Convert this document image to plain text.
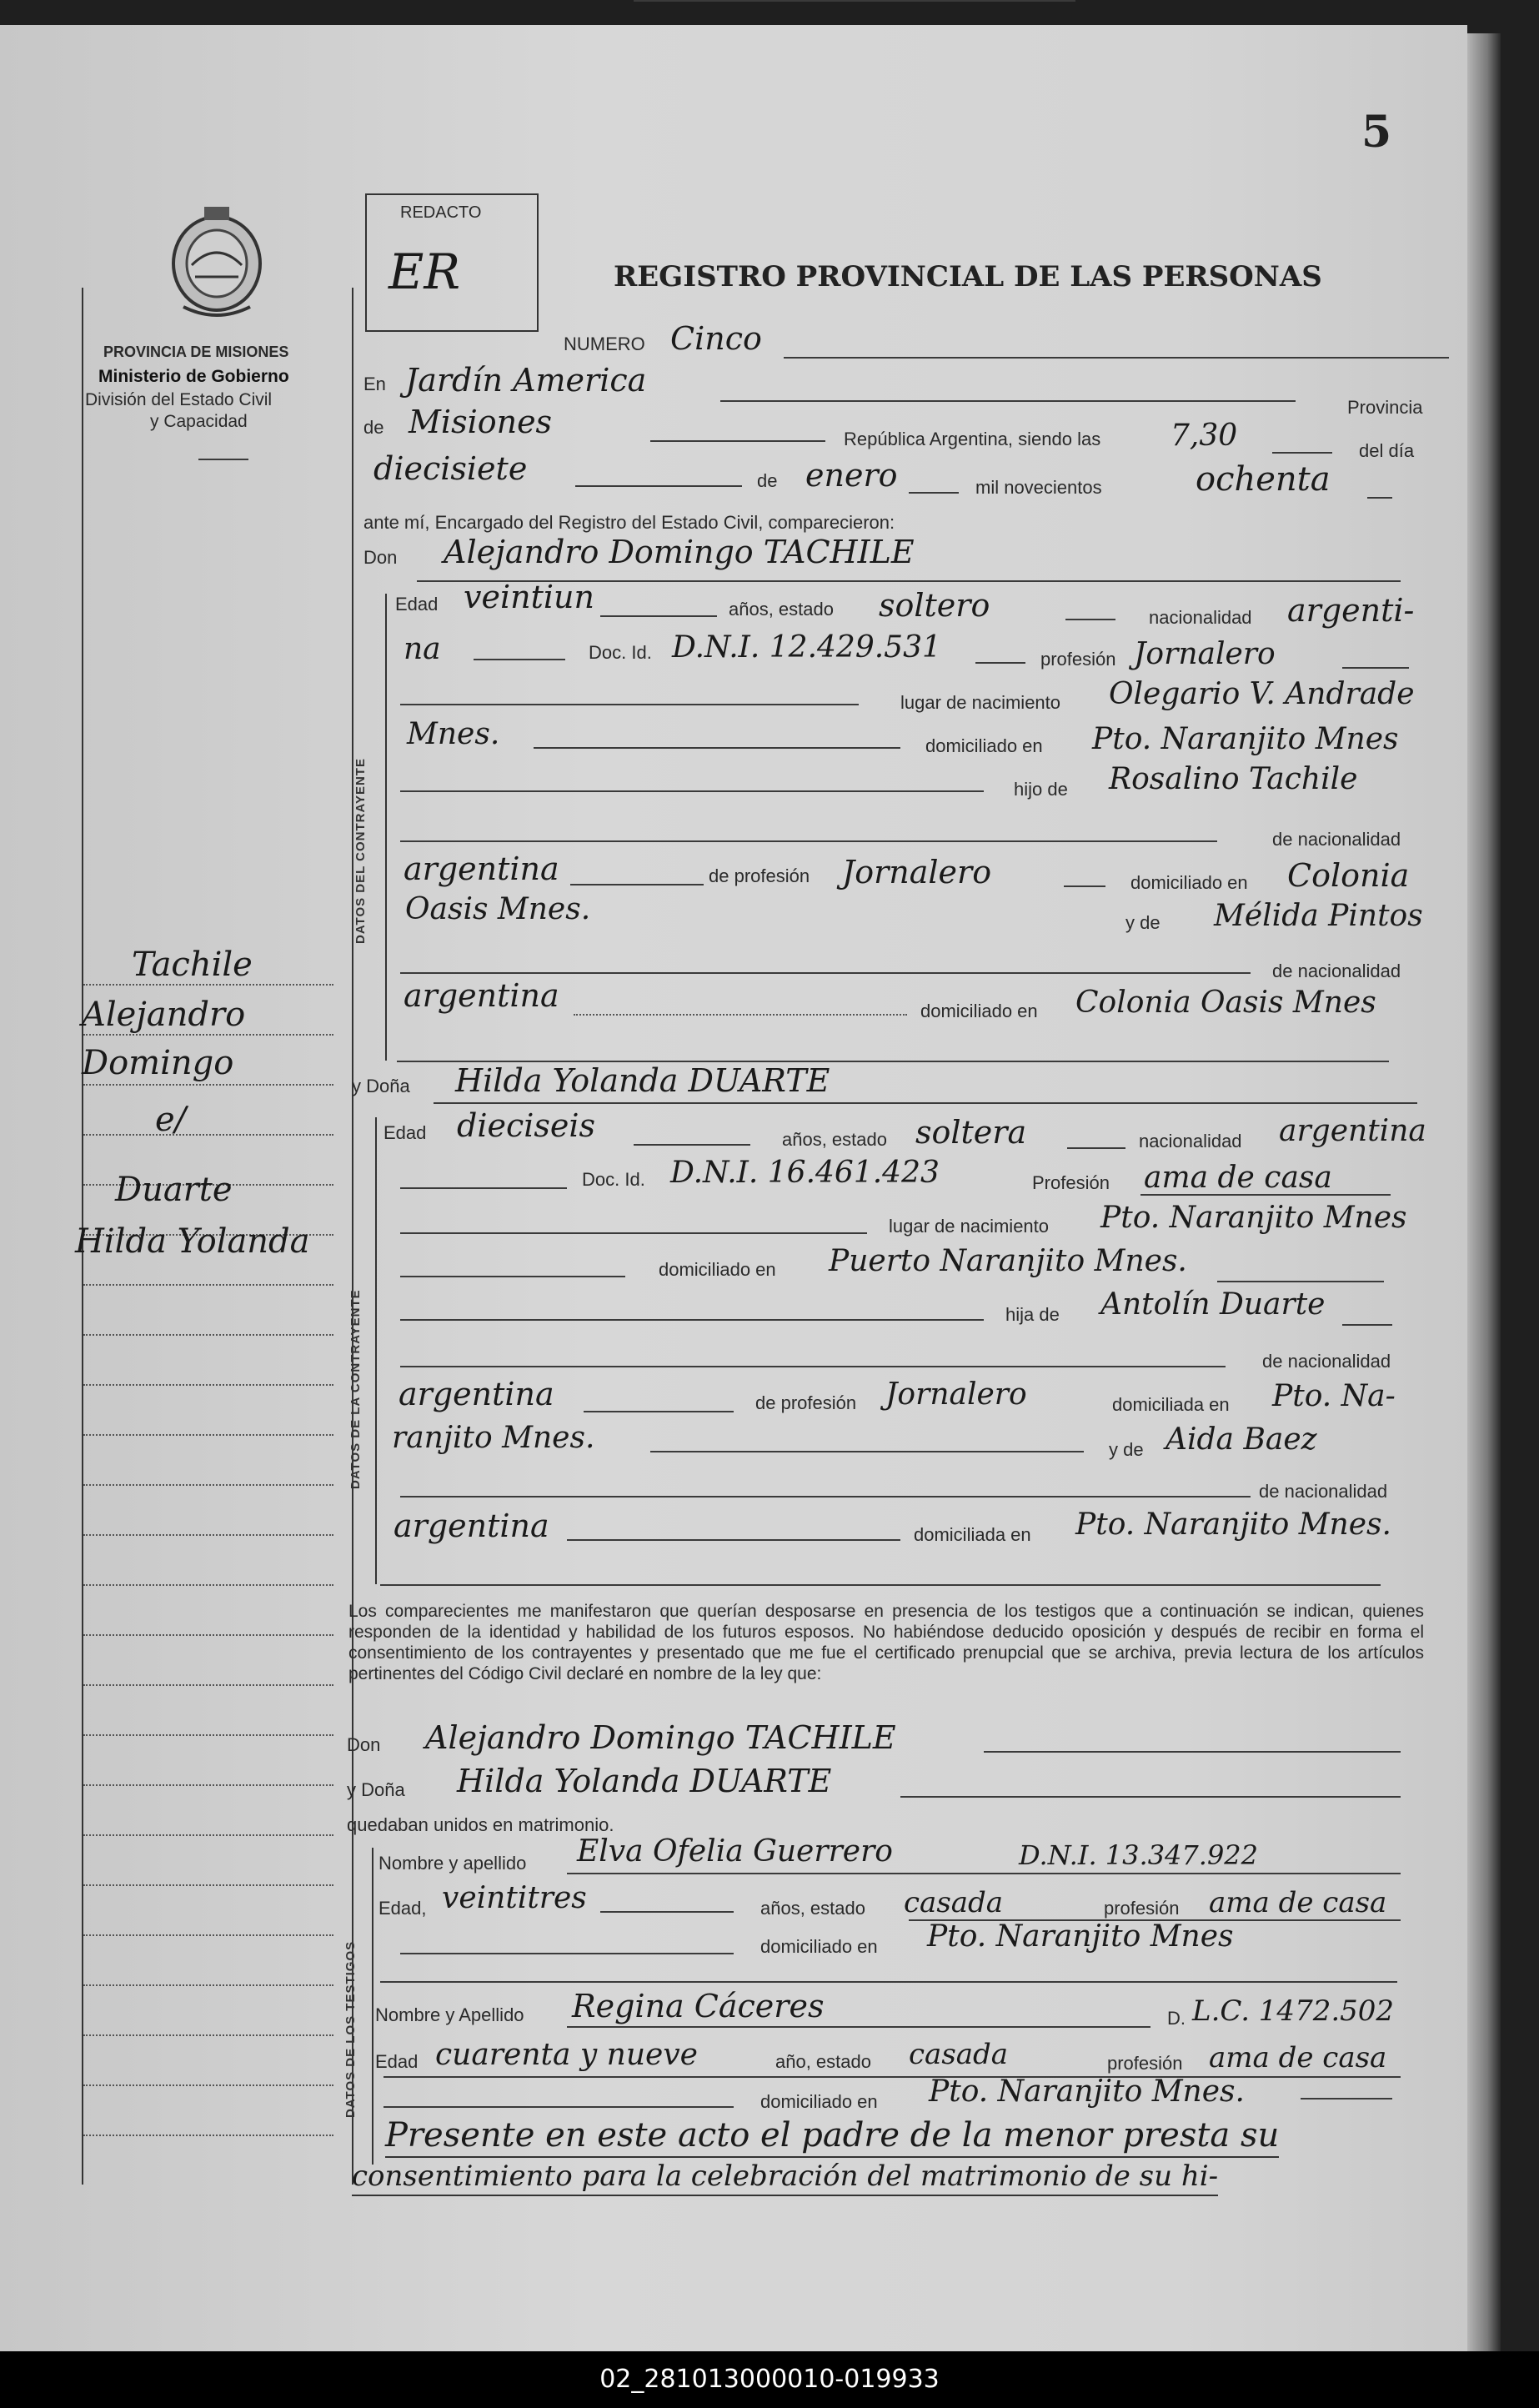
5
PROVINCIA DE MISIONES
Ministerio de Gobierno
División del Estado Civil
y Capacidad
REDACTO
ER	REGISTRO PROVINCIAL DE LAS PERSONAS
Tachile
Alejandro
Domingo
e/
Duarte
Hilda Yolanda
NUMERO Cinco
En Jardín America
Provincia
de Misiones	República Argentina, siendo las 7,30	del día
diecisiete	de enero	mil novecientos	ochenta
ante mí, Encargado del Registro del Estado Civil, comparecieron:
Don Alejandro Domingo TACHILE
DATOS DEL CONTRAYENTE
Edad veintiun	años, estado soltero	nacionalidad argenti-
na	Doc. Id. D.N.I. 12.429.531	profesión Jornalero
lugar de nacimiento Olegario V. Andrade
Mnes.	domiciliado en Pto. Naranjito Mnes
hijo de Rosalino Tachile
de nacionalidad
argentina	de profesión Jornalero	domiciliado en Colonia
Oasis Mnes.	y de Mélida Pintos
de nacionalidad
argentina	domiciliado en Colonia Oasis Mnes
y Doña Hilda Yolanda DUARTE
DATOS DE LA CONTRAYENTE
Edad dieciseis	años, estado soltera	nacionalidad argentina
Doc. Id. D.N.I. 16.461.423	Profesión ama de casa
lugar de nacimiento Pto. Naranjito Mnes
domiciliado en Puerto Naranjito Mnes.
hija de Antolín Duarte
de nacionalidad
argentina	de profesión Jornalero	domiciliada en Pto. Na-
ranjito Mnes.	y de Aida Baez
de nacionalidad
argentina	domiciliada en Pto. Naranjito Mnes.
Los comparecientes me manifestaron que querían desposarse en presencia de los testigos que a continuación se indican, quienes responden de la identidad y habilidad de los futuros esposos. No habiéndose deducido oposición y después de recibir en forma el consentimiento de los contrayentes y presentado que me fue el certificado prenupcial que se archiva, previa lectura de los artículos pertinentes del Código Civil declaré en nombre de la ley que:
Don Alejandro Domingo TACHILE
y Doña Hilda Yolanda DUARTE
quedaban unidos en matrimonio.
DATOS DE LOS TESTIGOS
Nombre y apellido Elva Ofelia Guerrero	D.N.I. 13.347.922
Edad, veintitres	años, estado casada	profesión ama de casa
domiciliado en Pto. Naranjito Mnes
Nombre y Apellido Regina Cáceres	D. L.C. 1472.502
Edad cuarenta y nueve	año, estado casada	profesión ama de casa
domiciliado en Pto. Naranjito Mnes.
Presente en este acto el padre de la menor presta su
consentimiento para la celebración del matrimonio de su hi-
02_281013000010-019933
